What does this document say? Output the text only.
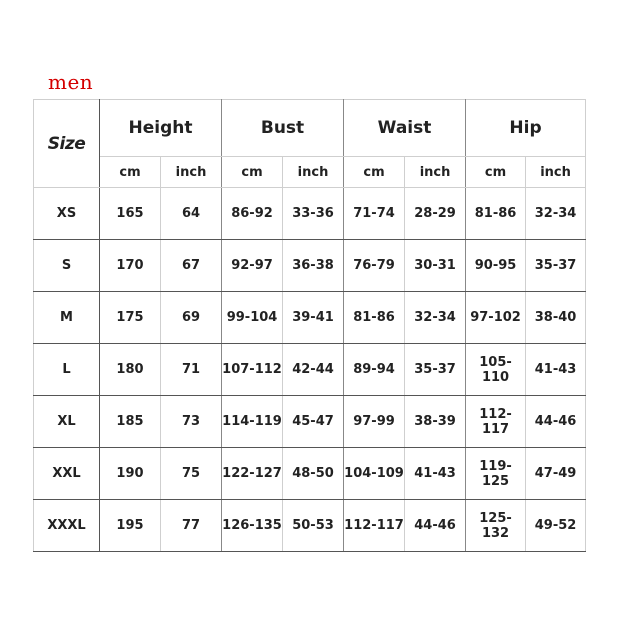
men
Size	Height		Bust		Waist		Hip	
	cm	inch	cm	inch	cm	inch	cm	inch
XS	165	64	86-92	33-36	71-74	28-29	81-86	32-34
S	170	67	92-97	36-38	76-79	30-31	90-95	35-37
M	175	69	99-104	39-41	81-86	32-34	97-102	38-40
L	180	71	107-112	42-44	89-94	35-37	105-110	41-43
XL	185	73	114-119	45-47	97-99	38-39	112-117	44-46
XXL	190	75	122-127	48-50	104-109	41-43	119-125	47-49
XXXL	195	77	126-135	50-53	112-117	44-46	125-132	49-52
